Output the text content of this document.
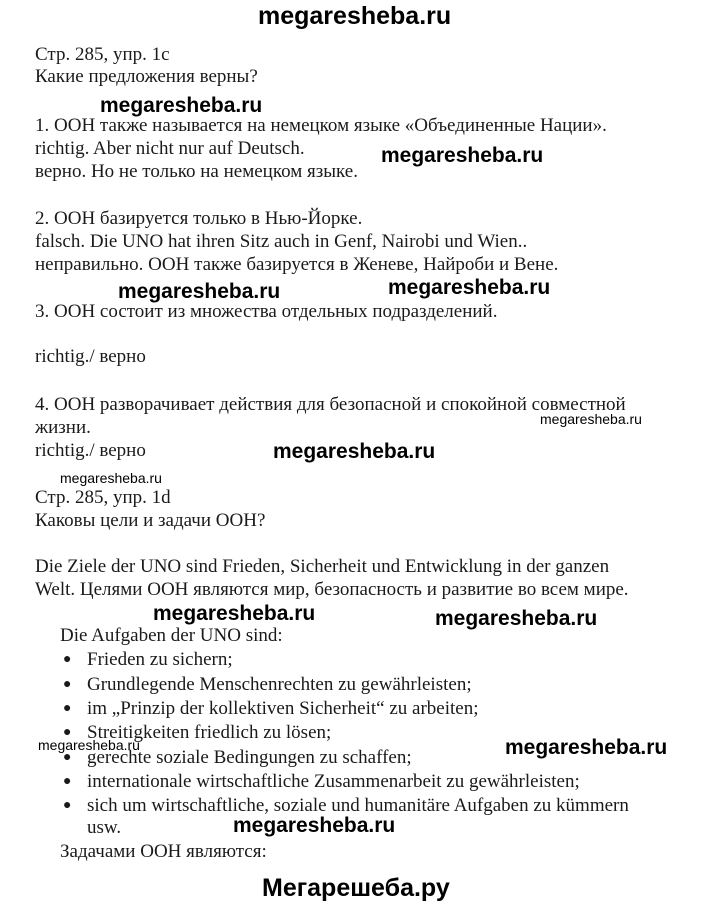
megaresheba.ru
Стр. 285, упр. 1с
Какие предложения верны?
megaresheba.ru
1. ООН также называется на немецком языке «Объединенные Нации».
richtig. Aber nicht nur auf Deutsch.	megaresheba.ru
верно. Но не только на немецком языке.
2. ООН базируется только в Нью-Йорке.
falsch. Die UNO hat ihren Sitz auch in Genf, Nairobi und Wien..
неправильно. ООН также базируется в Женеве, Найроби и Вене.
megaresheba.ru	megaresheba.ru
3. ООН состоит из множества отдельных подразделений.
richtig./ верно
4. ООН разворачивает действия для безопасной и спокойной совместной
megaresheba.ru
жизни.
richtig./ верно	megaresheba.ru
megaresheba.ru
Стр. 285, упр. 1d
Каковы цели и задачи ООН?
Die Ziele der UNO sind Frieden, Sicherheit und Entwicklung in der ganzen
Welt. Целями ООН являются мир, безопасность и развитие во всем мире.
megaresheba.ru	megaresheba.ru
Die Aufgaben der UNO sind:
● Frieden zu sichern;
● Grundlegende Menschenrechten zu gewährleisten;
● im „Prinzip der kollektiven Sicherheit“ zu arbeiten;
● Streitigkeiten friedlich zu lösen;
megaresheba.ru	megaresheba.ru
● gerechte soziale Bedingungen zu schaffen;
● internationale wirtschaftliche Zusammenarbeit zu gewährleisten;
● sich um wirtschaftliche, soziale und humanitäre Aufgaben zu kümmern
usw.	megaresheba.ru
Задачами ООН являются:
Мегарешеба.ру
